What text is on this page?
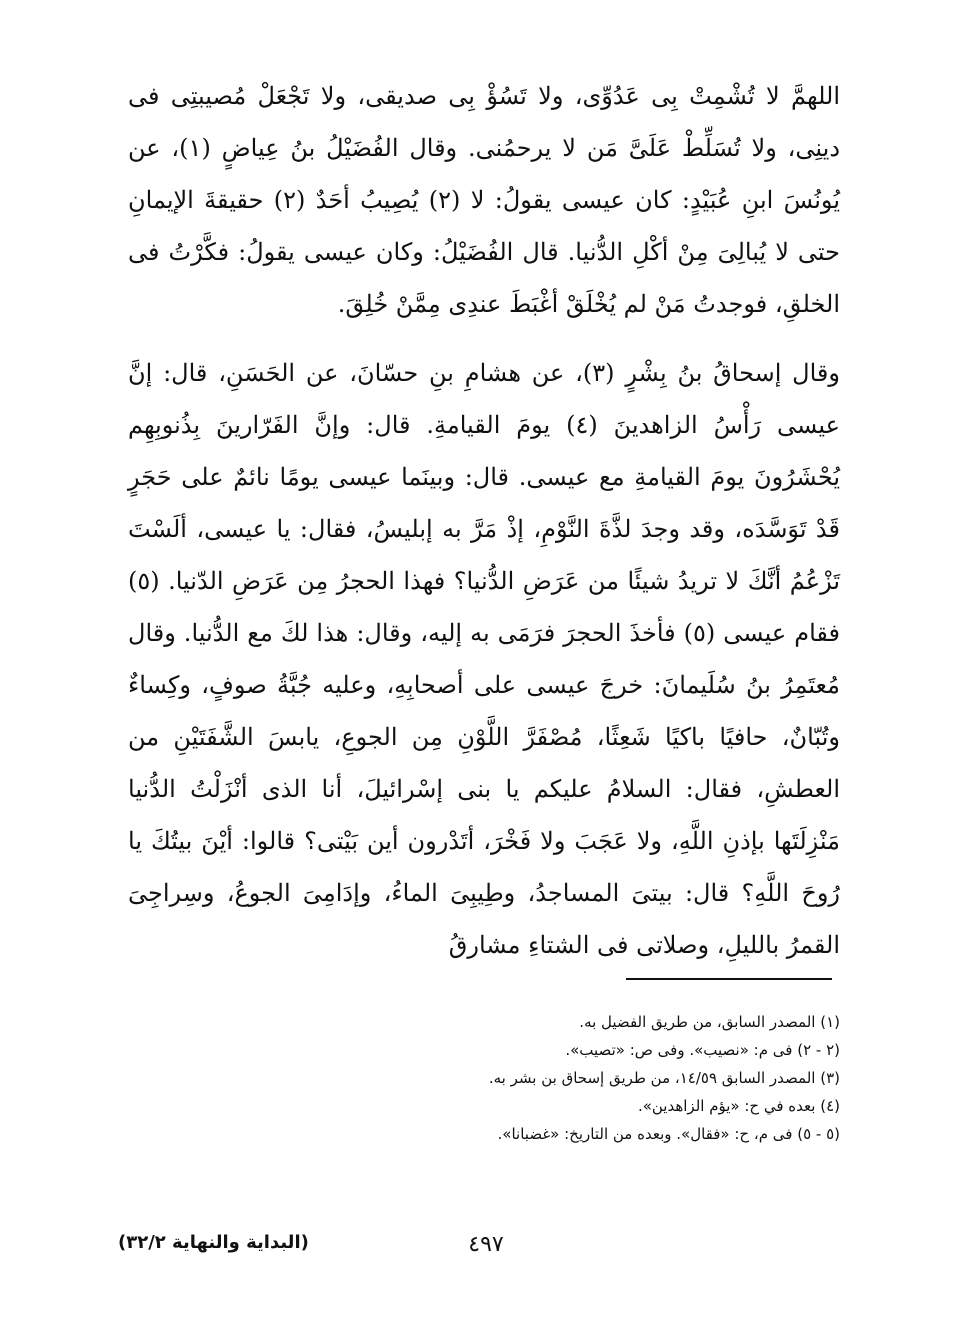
اللهمَّ لا تُشْمِتْ بِى عَدُوِّى، ولا تَسُؤْ بِى صديقى، ولا تَجْعَلْ مُصيبتِى فى دينِى، ولا تُسَلِّطْ عَلَىَّ مَن لا يرحمُنى. وقال الفُضَيْلُ بنُ عِياضٍ (١)، عن يُونُسَ ابنِ عُبَيْدٍ: كان عيسى يقولُ: لا (٢) يُصِيبُ أحَدٌ (٢) حقيقةَ الإيمانِ حتى لا يُبالِىَ مِنْ أكْلِ الدُّنيا. قال الفُضَيْلُ: وكان عيسى يقولُ: فكَّرْتُ فى الخلقِ، فوجدتُ مَنْ لم يُخْلَقْ أغْبَطَ عندِى مِمَّنْ خُلِقَ.

وقال إسحاقُ بنُ بِشْرٍ (٣)، عن هشامِ بنِ حسّانَ، عن الحَسَنِ، قال: إنَّ عيسى رَأْسُ الزاهدينَ (٤) يومَ القيامةِ. قال: وإنَّ الفَرّارينَ بِذُنوبِهِم يُحْشَرُونَ يومَ القيامةِ مع عيسى. قال: وبينَما عيسى يومًا نائمٌ على حَجَرٍ قَدْ تَوَسَّدَه، وقد وجدَ لذَّةَ النَّوْمِ، إذْ مَرَّ به إبليسُ، فقال: يا عيسى، ألَسْتَ تَزْعُمُ أنَّكَ لا تريدُ شيئًا من عَرَضِ الدُّنيا؟ فهذا الحجرُ مِن عَرَضِ الدّنيا. (٥) فقام عيسى (٥) فأخذَ الحجرَ فرَمَى به إليه، وقال: هذا لكَ مع الدُّنيا. وقال مُعتَمِرُ بنُ سُلَيمانَ: خرجَ عيسى على أصحابِهِ، وعليه جُبَّةُ صوفٍ، وكِساءٌ وتُبّانٌ، حافيًا باكيًا شَعِثًا، مُصْفَرَّ اللَّوْنِ مِن الجوعِ، يابسَ الشَّفَتَيْنِ من العطشِ، فقال: السلامُ عليكم يا بنى إسْرائيلَ، أنا الذى أنْزَلْتُ الدُّنيا مَنْزِلَتَها بإذنِ اللَّهِ، ولا عَجَبَ ولا فَخْرَ، أتَدْرون أين بَيْتى؟ قالوا: أيْنَ بيتُكَ يا رُوحَ اللَّهِ؟ قال: بيتىَ المساجدُ، وطِيبِىَ الماءُ، وإدَامِىَ الجوعُ، وسِراجِىَ القمرُ بالليلِ، وصلاتى فى الشتاءِ مشارقُ

(١) المصدر السابق، من طريق الفضيل به.
(٢ - ٢) فى م: «نصيب». وفى ص: «تصيب».
(٣) المصدر السابق ١٤/٥٩، من طريق إسحاق بن بشر به.
(٤) بعده في ح: «يؤم الزاهدين».
(٥ - ٥) فى م، ح: «فقال». وبعده من التاريخ: «غضبانا».
٤٩٧
(البداية والنهاية ٣٢/٢)
